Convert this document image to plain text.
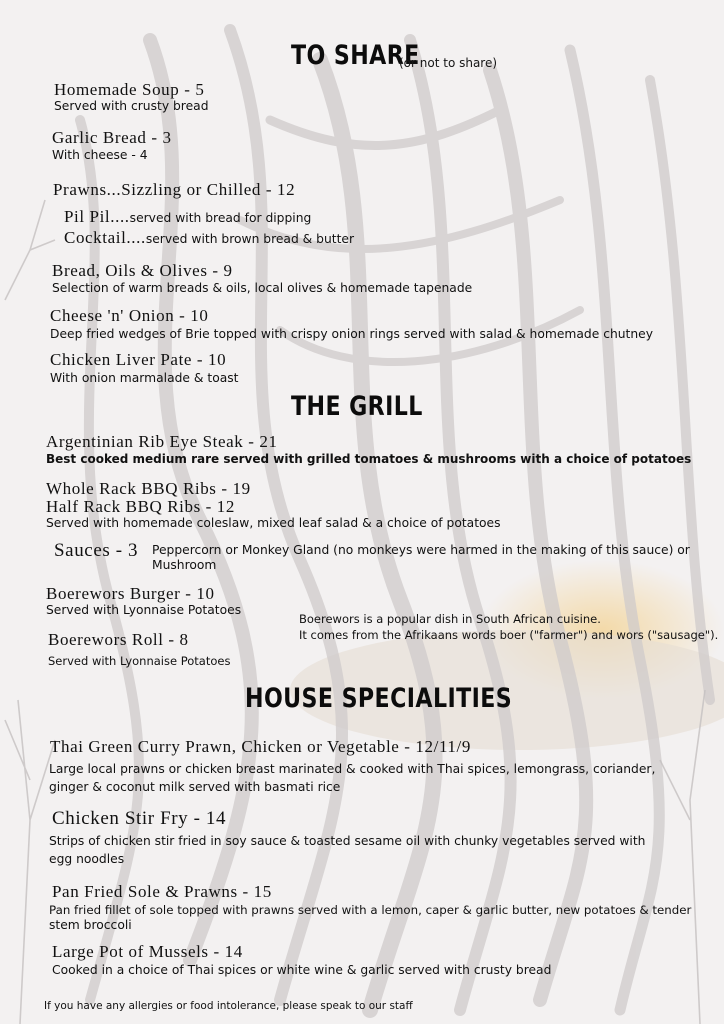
TO SHARE
(or not to share)
Homemade Soup - 5
Served with crusty bread
Garlic Bread - 3
With cheese - 4
Prawns...Sizzling or Chilled - 12
Pil Pil....served with bread for dipping
Cocktail....served with brown bread & butter
Bread, Oils & Olives - 9
Selection of warm breads & oils, local olives & homemade tapenade
Cheese 'n' Onion - 10
Deep fried wedges of Brie topped with crispy onion rings served with salad & homemade chutney
Chicken Liver Pate - 10
With onion marmalade & toast
THE GRILL
Argentinian Rib Eye Steak - 21
Best cooked medium rare served with grilled tomatoes & mushrooms with a choice of potatoes
Whole Rack BBQ Ribs - 19
Half Rack BBQ Ribs - 12
Served with homemade coleslaw, mixed leaf salad & a choice of potatoes
Sauces - 3 Peppercorn or Monkey Gland (no monkeys were harmed in the making of this sauce) or
Mushroom
Boerewors Burger - 10
Served with Lyonnaise Potatoes
Boerewors is a popular dish in South African cuisine.
It comes from the Afrikaans words boer ("farmer") and wors ("sausage").
Boerewors Roll - 8
Served with Lyonnaise Potatoes
HOUSE SPECIALITIES
Thai Green Curry Prawn, Chicken or Vegetable - 12/11/9
Large local prawns or chicken breast marinated & cooked with Thai spices, lemongrass, coriander,
ginger & coconut milk served with basmati rice
Chicken Stir Fry - 14
Strips of chicken stir fried in soy sauce & toasted sesame oil with chunky vegetables served with
egg noodles
Pan Fried Sole & Prawns - 15
Pan fried fillet of sole topped with prawns served with a lemon, caper & garlic butter, new potatoes & tender
stem broccoli
Large Pot of Mussels - 14
Cooked in a choice of Thai spices or white wine & garlic served with crusty bread
If you have any allergies or food intolerance, please speak to our staff
